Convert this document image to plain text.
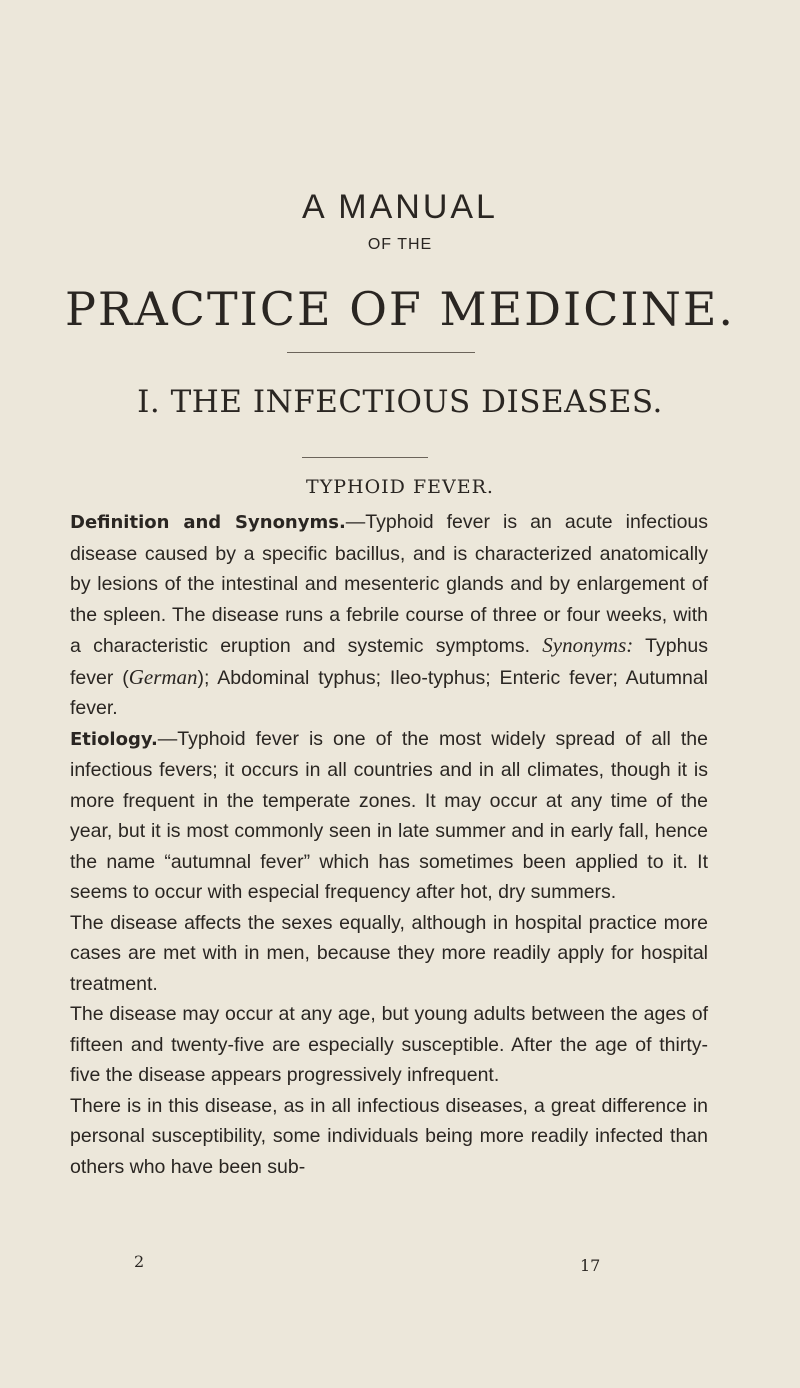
A MANUAL
OF THE
PRACTICE OF MEDICINE.
I. THE INFECTIOUS DISEASES.
TYPHOID FEVER.

Definition and Synonyms.—Typhoid fever is an acute infectious disease caused by a specific bacillus, and is characterized anatomically by lesions of the intestinal and mesenteric glands and by enlargement of the spleen. The disease runs a febrile course of three or four weeks, with a characteristic eruption and systemic symptoms. Synonyms: Typhus fever (German); Abdominal typhus; Ileo-typhus; Enteric fever; Autumnal fever.

Etiology.—Typhoid fever is one of the most widely spread of all the infectious fevers; it occurs in all countries and in all climates, though it is more frequent in the temperate zones. It may occur at any time of the year, but it is most commonly seen in late summer and in early fall, hence the name “autumnal fever” which has sometimes been applied to it. It seems to occur with especial frequency after hot, dry summers.

The disease affects the sexes equally, although in hospital practice more cases are met with in men, because they more readily apply for hospital treatment.

The disease may occur at any age, but young adults between the ages of fifteen and twenty-five are especially susceptible. After the age of thirty-five the disease appears progressively infrequent.

There is in this disease, as in all infectious diseases, a great difference in personal susceptibility, some individuals being more readily infected than others who have been sub-

2	17
